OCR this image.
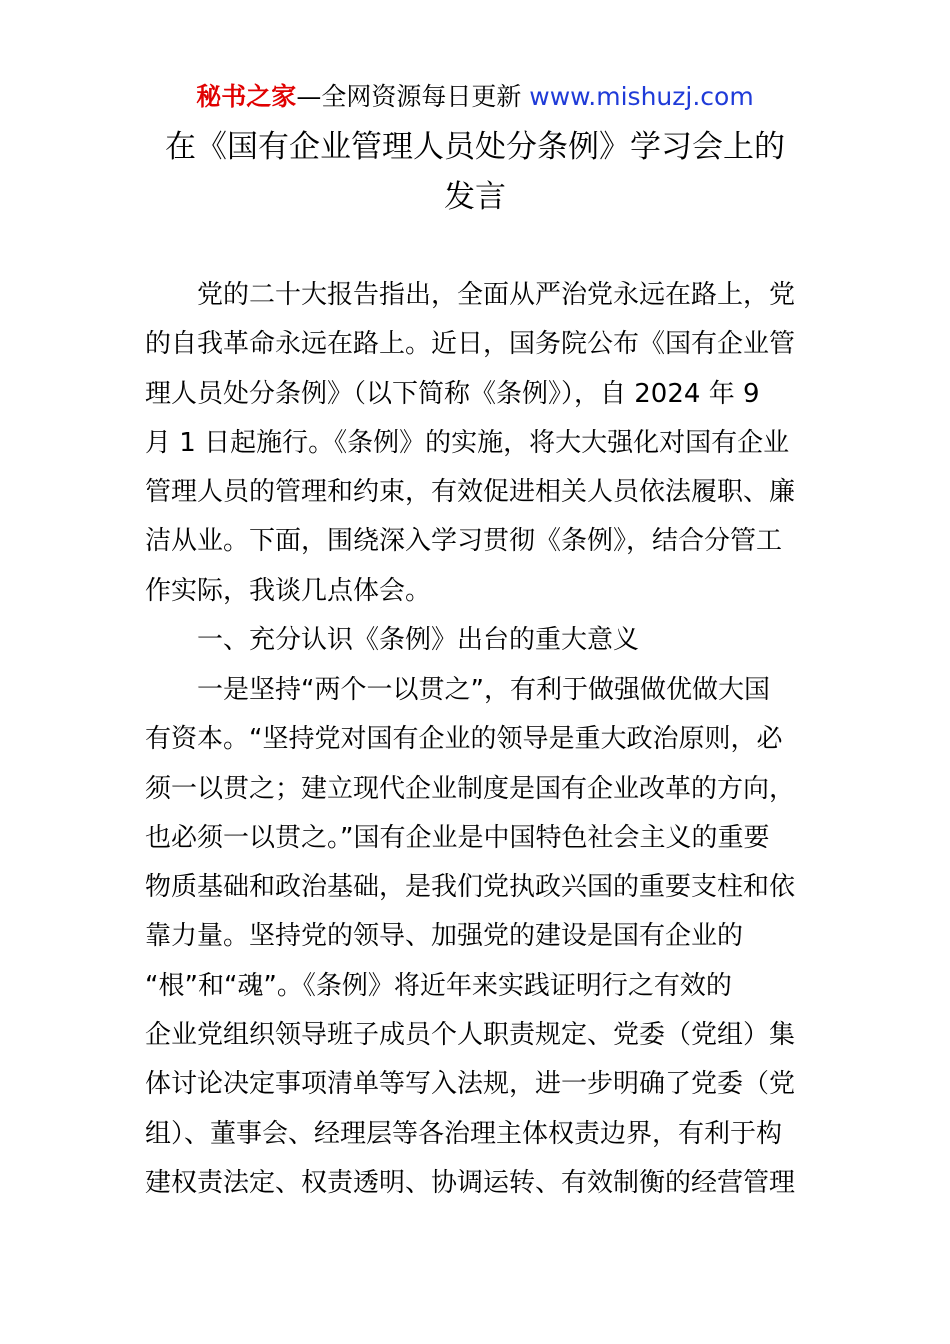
秘书之家—全网资源每日更新 www.mishuzj.com
在《国有企业管理人员处分条例》学习会上的
发言
党的二十大报告指出，全面从严治党永远在路上，党
的自我革命永远在路上。近日，国务院公布《国有企业管
理人员处分条例》（以下简称《条例》），自 2024 年 9
月 1 日起施行。《条例》的实施，将大大强化对国有企业
管理人员的管理和约束，有效促进相关人员依法履职、廉
洁从业。下面，围绕深入学习贯彻《条例》，结合分管工
作实际，我谈几点体会。
一、充分认识《条例》出台的重大意义
一是坚持“两个一以贯之”，有利于做强做优做大国
有资本。“坚持党对国有企业的领导是重大政治原则，必
须一以贯之；建立现代企业制度是国有企业改革的方向，
也必须一以贯之。”国有企业是中国特色社会主义的重要
物质基础和政治基础，是我们党执政兴国的重要支柱和依
靠力量。坚持党的领导、加强党的建设是国有企业的
“根”和“魂”。《条例》将近年来实践证明行之有效的
企业党组织领导班子成员个人职责规定、党委（党组）集
体讨论决定事项清单等写入法规，进一步明确了党委（党
组）、董事会、经理层等各治理主体权责边界，有利于构
建权责法定、权责透明、协调运转、有效制衡的经营管理
